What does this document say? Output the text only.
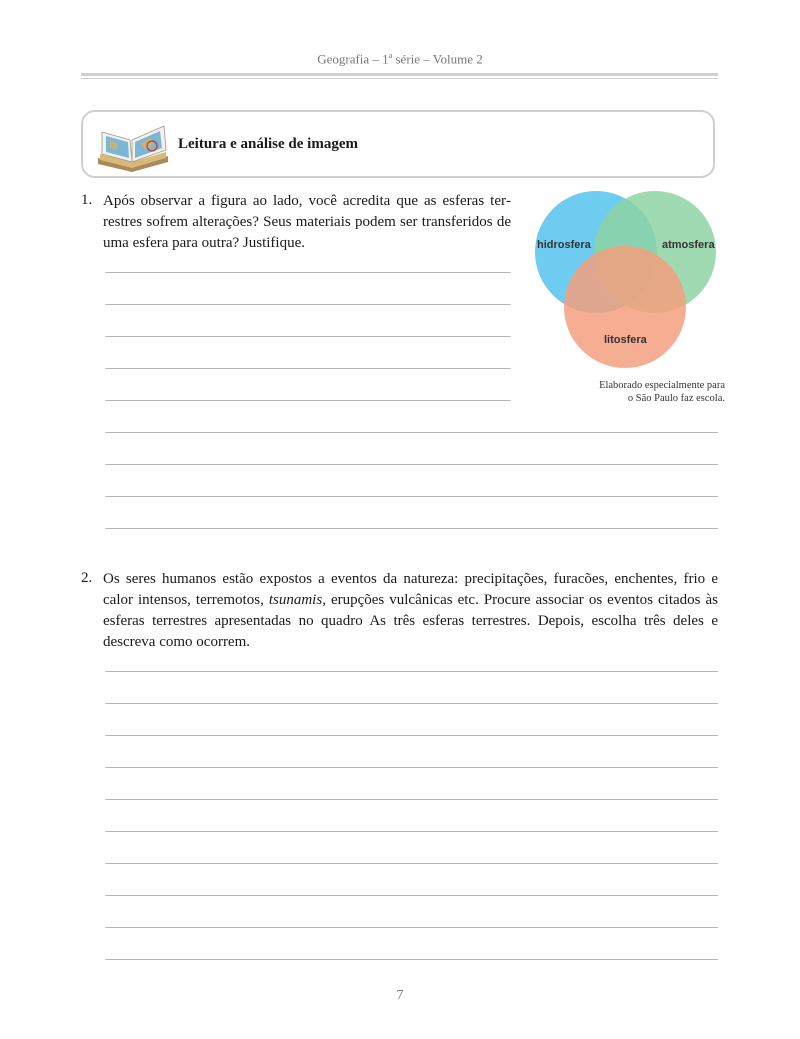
Geografia – 1$^a$ série – Volume 2
Leitura e análise de imagem
1. Após observar a figura ao lado, você acredita que as esferas terrestres sofrem alterações? Seus materiais podem ser transferidos de uma esfera para outra? Justifique.	hidrosfera	atmosfera
litosfera
Elaborado especialmente para
o São Paulo faz escola.
2. Os seres humanos estão expostos a eventos da natureza: precipitações, furacões, enchentes, frio e calor intensos, terremotos, tsunamis, erupções vulcânicas etc. Procure associar os eventos citados às esferas terrestres apresentadas no quadro As três esferas terrestres. Depois, escolha três deles e descreva como ocorrem.
7
